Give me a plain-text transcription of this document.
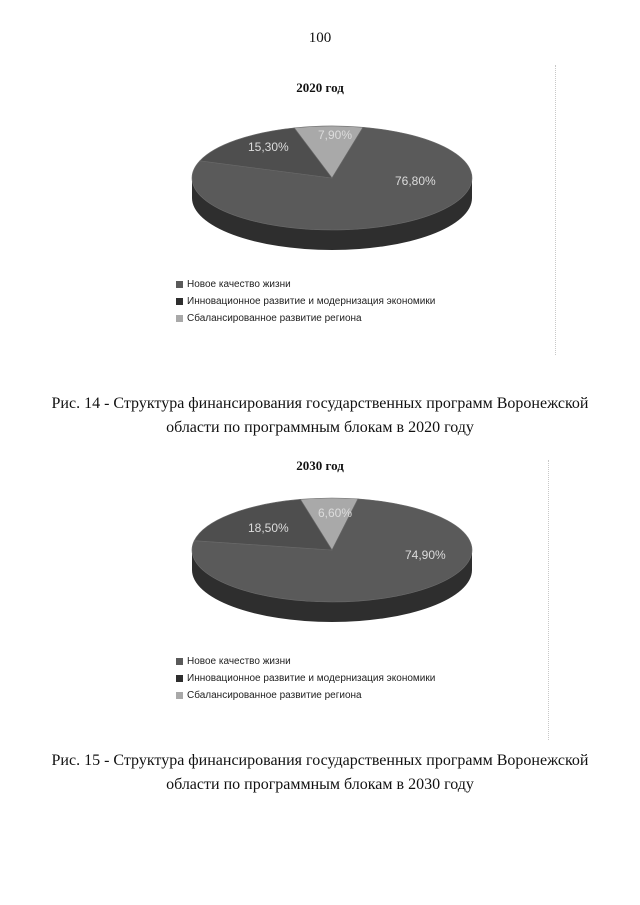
100
2020 год
76,80%
15,30%
7,90%
Новое качество жизни
Инновационное развитие и модернизация экономики
Сбалансированное развитие региона
Рис. 14 - Структура финансирования государственных программ Воронежской
области по программным блокам в 2020 году
2030 год
74,90%
18,50%
6,60%
Новое качество жизни
Инновационное развитие и модернизация экономики
Сбалансированное развитие региона
Рис. 15 - Структура финансирования государственных программ Воронежской
области по программным блокам в 2030 году
